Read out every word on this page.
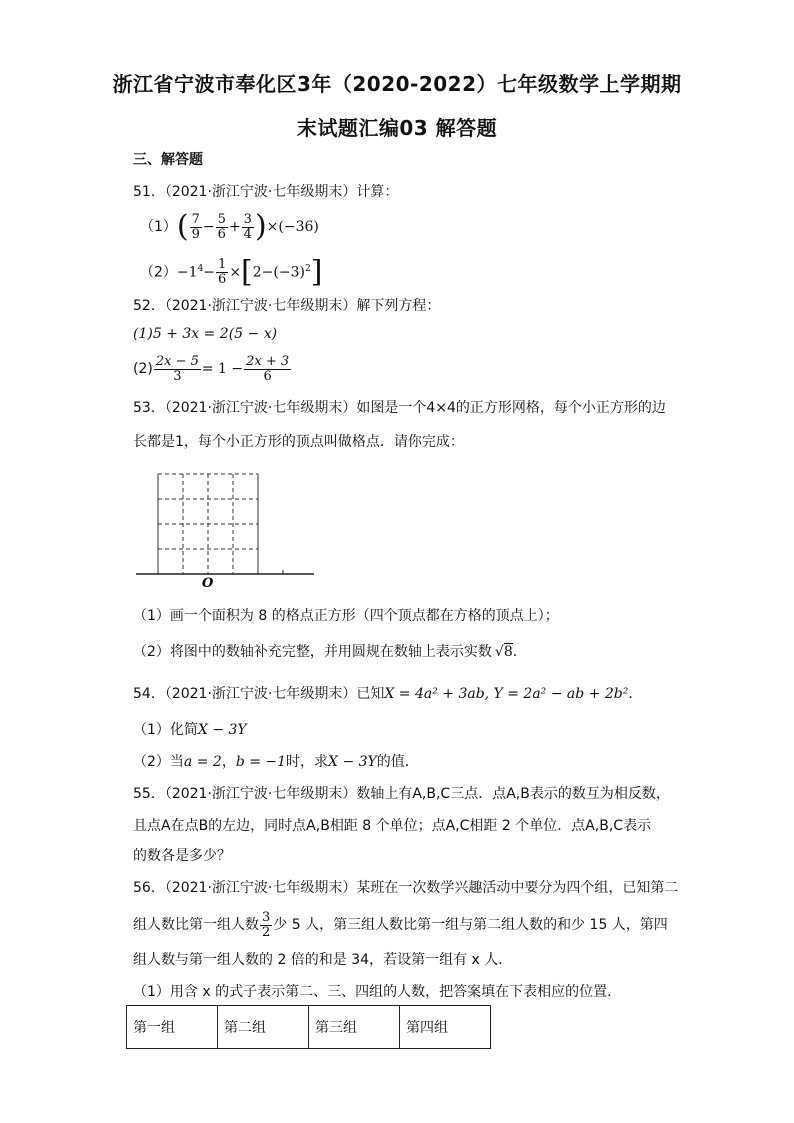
浙江省宁波市奉化区3年（2020-2022）七年级数学上学期期
末试题汇编03 解答题
三、解答题
51．（2021·浙江宁波·七年级期末）计算：
$(1)( \frac{7}{9} - \frac{5}{6} + \frac{3}{4} )\times(-36)$
$(2)-1^4- \frac{1}{6} \times[2-(-3)^2]$
52．（2021·浙江宁波·七年级期末）解下列方程：
(1)5 + 3x = 2(5 − x)
$(2) \frac{2x - 5}{3} = 1 - \frac{2x + 3}{6}$
53．（2021·浙江宁波·七年级期末）如图是一个4×4的正方形网格，每个小正方形的边
长都是1，每个小正方形的顶点叫做格点．请你完成：
O
（1）画一个面积为 8 的格点正方形（四个顶点都在方格的顶点上）；
（2）将图中的数轴补充完整，并用圆规在数轴上表示实数 √8．
54．（2021·浙江宁波·七年级期末）已知X = 4a² + 3ab, Y = 2a² − ab + 2b²．
（1）化简X − 3Y
（2）当a = 2，b = −1时，求X − 3Y的值．
55．（2021·浙江宁波·七年级期末）数轴上有A,B,C三点．点A,B表示的数互为相反数，
且点A在点B的左边，同时点A,B相距 8 个单位；点A,C相距 2 个单位．点A,B,C表示
的数各是多少？
56．（2021·浙江宁波·七年级期末）某班在一次数学兴趣活动中要分为四个组，已知第二
组人数比第一组人数 $\frac{3}{2}$ 少 5 人，第三组人数比第一组与第二组人数的和少 15 人，第四
组人数与第一组人数的 2 倍的和是 34，若设第一组有 x 人．
（1）用含 x 的式子表示第二、三、四组的人数，把答案填在下表相应的位置．
第一组	第二组	第三组	第四组
